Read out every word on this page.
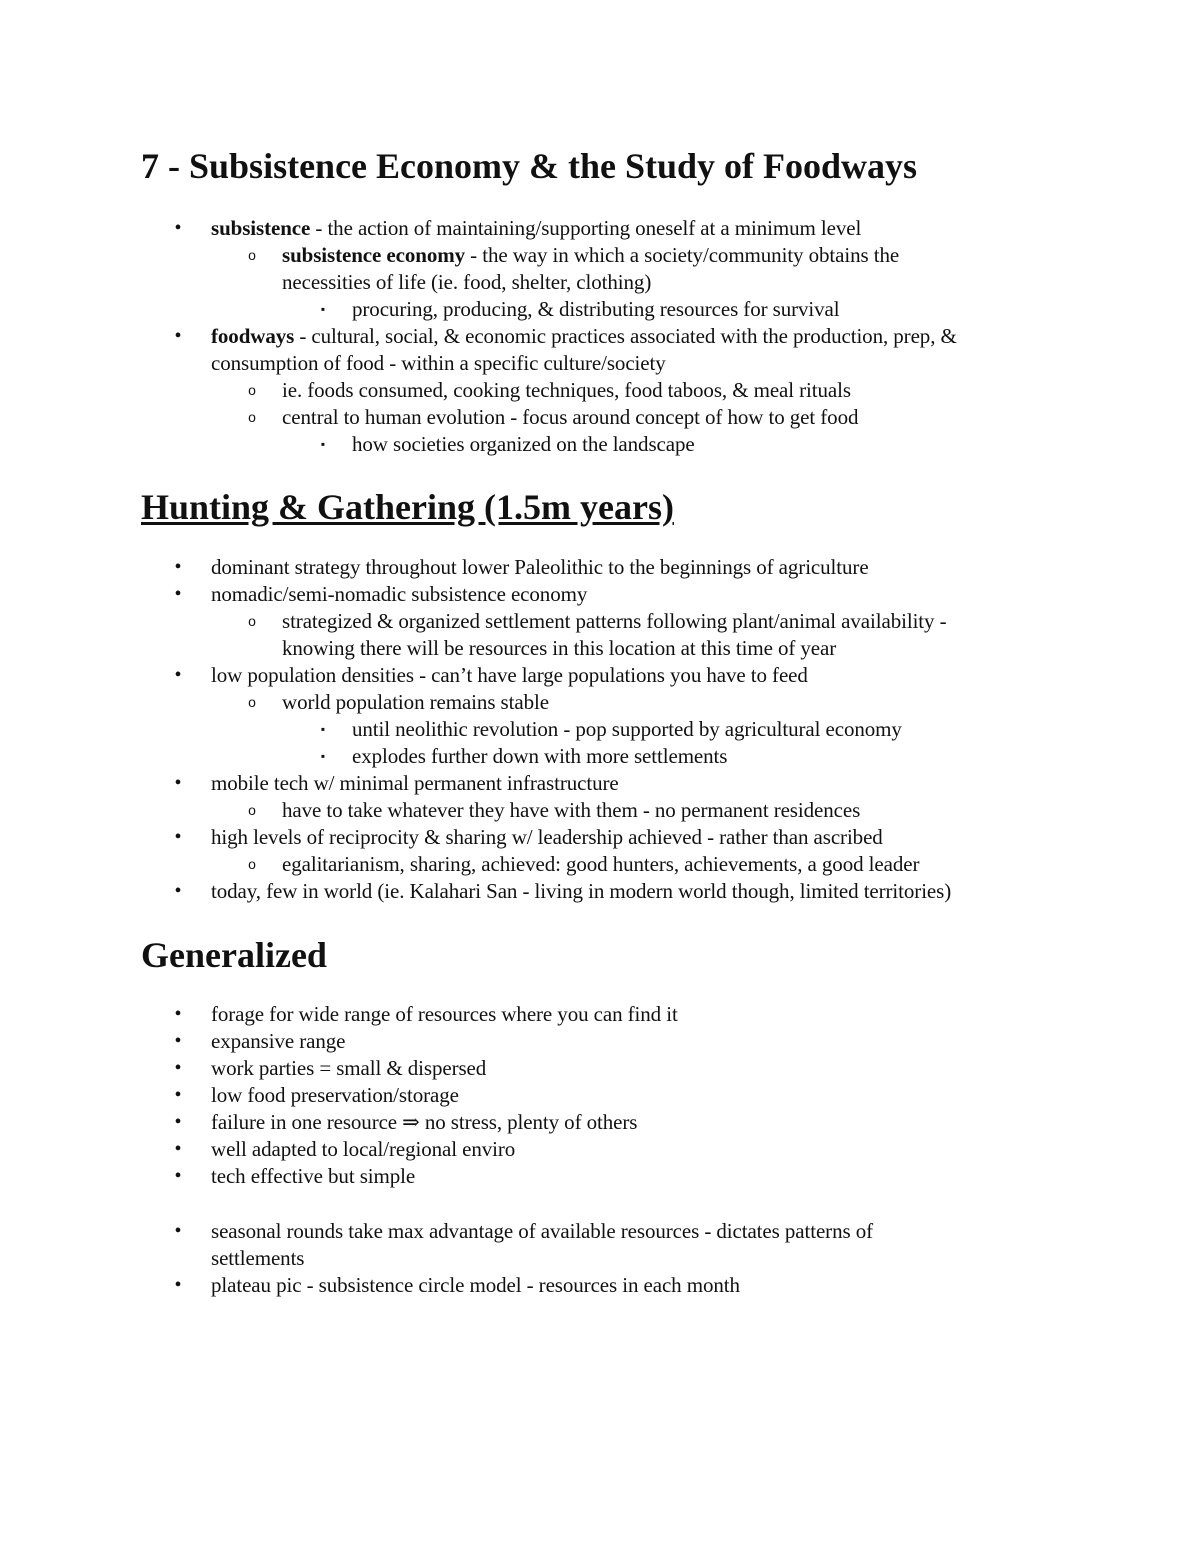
7 - Subsistence Economy & the Study of Foodways
• subsistence - the action of maintaining/supporting oneself at a minimum level
o subsistence economy - the way in which a society/community obtains the
necessities of life (ie. food, shelter, clothing)
▪ procuring, producing, & distributing resources for survival
• foodways - cultural, social, & economic practices associated with the production, prep, &
consumption of food - within a specific culture/society
o ie. foods consumed, cooking techniques, food taboos, & meal rituals
o central to human evolution - focus around concept of how to get food
▪ how societies organized on the landscape
Hunting & Gathering (1.5m years)
• dominant strategy throughout lower Paleolithic to the beginnings of agriculture
• nomadic/semi-nomadic subsistence economy
o strategized & organized settlement patterns following plant/animal availability -
knowing there will be resources in this location at this time of year
• low population densities - can’t have large populations you have to feed
o world population remains stable
▪ until neolithic revolution - pop supported by agricultural economy
▪ explodes further down with more settlements
• mobile tech w/ minimal permanent infrastructure
o have to take whatever they have with them - no permanent residences
• high levels of reciprocity & sharing w/ leadership achieved - rather than ascribed
o egalitarianism, sharing, achieved: good hunters, achievements, a good leader
• today, few in world (ie. Kalahari San - living in modern world though, limited territories)
Generalized
• forage for wide range of resources where you can find it
• expansive range
• work parties = small & dispersed
• low food preservation/storage
• failure in one resource ⇒ no stress, plenty of others
• well adapted to local/regional enviro
• tech effective but simple
• seasonal rounds take max advantage of available resources - dictates patterns of
settlements
• plateau pic - subsistence circle model - resources in each month
